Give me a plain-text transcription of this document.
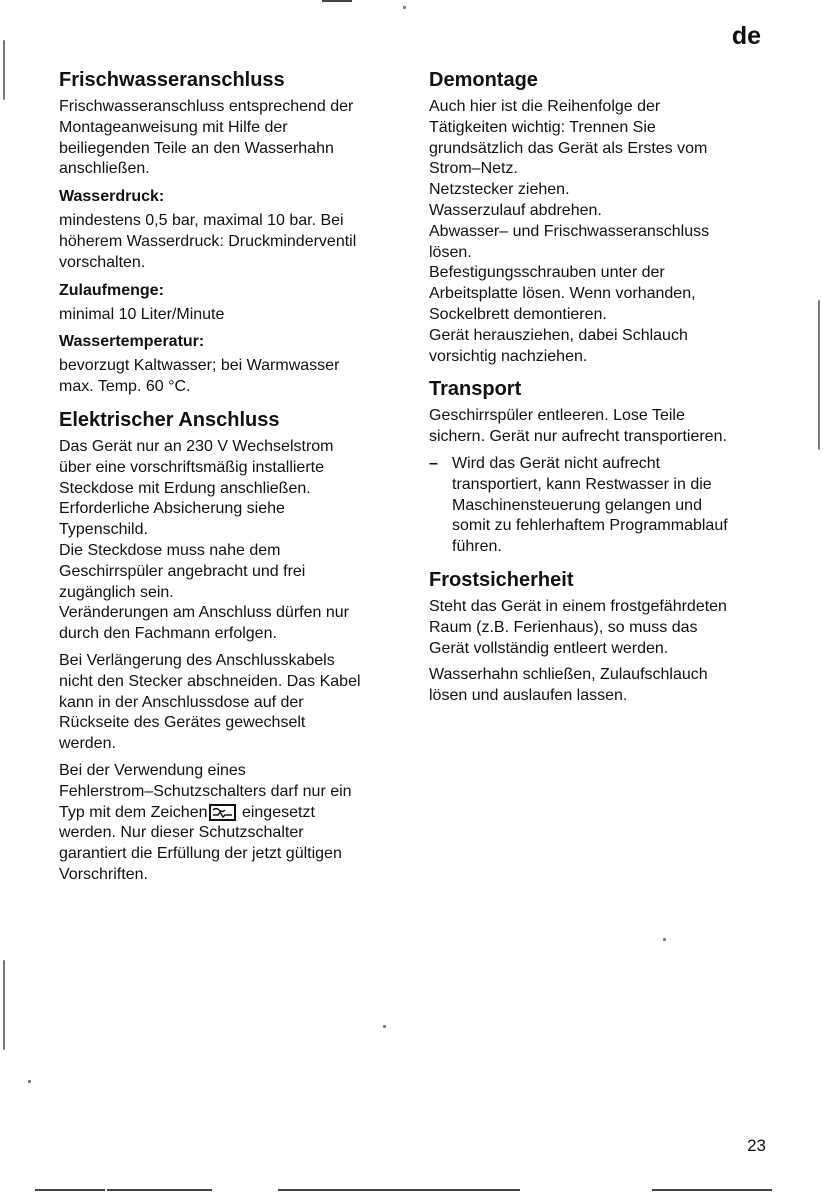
de
Frischwasseranschluss

Frischwasseranschluss entsprechend der
Montageanweisung mit Hilfe der
beiliegenden Teile an den Wasserhahn
anschließen.

Wasserdruck:

mindestens 0,5 bar, maximal 10 bar. Bei
höherem Wasserdruck: Druckminderventil
vorschalten.

Zulaufmenge:

minimal 10 Liter/Minute

Wassertemperatur:

bevorzugt Kaltwasser; bei Warmwasser
max. Temp. 60 °C.

Elektrischer Anschluss

Das Gerät nur an 230 V Wechselstrom
über eine vorschriftsmäßig installierte
Steckdose mit Erdung anschließen.
Erforderliche Absicherung siehe
Typenschild.
Die Steckdose muss nahe dem
Geschirrspüler angebracht und frei
zugänglich sein.
Veränderungen am Anschluss dürfen nur
durch den Fachmann erfolgen.

Bei Verlängerung des Anschlusskabels
nicht den Stecker abschneiden. Das Kabel
kann in der Anschlussdose auf der
Rückseite des Gerätes gewechselt
werden.

Bei der Verwendung eines
Fehlerstrom–Schutzschalters darf nur ein
Typ mit dem Zeichen
eingesetzt
werden. Nur dieser Schutzschalter
garantiert die Erfüllung der jetzt gültigen
Vorschriften.

Demontage

Auch hier ist die Reihenfolge der
Tätigkeiten wichtig: Trennen Sie
grundsätzlich das Gerät als Erstes vom
Strom–Netz.
Netzstecker ziehen.
Wasserzulauf abdrehen.
Abwasser– und Frischwasseranschluss
lösen.
Befestigungsschrauben unter der
Arbeitsplatte lösen. Wenn vorhanden,
Sockelbrett demontieren.
Gerät herausziehen, dabei Schlauch
vorsichtig nachziehen.

Transport

Geschirrspüler entleeren. Lose Teile
sichern. Gerät nur aufrecht transportieren.

– Wird das Gerät nicht aufrecht
transportiert, kann Restwasser in die
Maschinensteuerung gelangen und
somit zu fehlerhaftem Programmablauf
führen.
Frostsicherheit

Steht das Gerät in einem frostgefährdeten
Raum (z.B. Ferienhaus), so muss das
Gerät vollständig entleert werden.

Wasserhahn schließen, Zulaufschlauch
lösen und auslaufen lassen.

23
